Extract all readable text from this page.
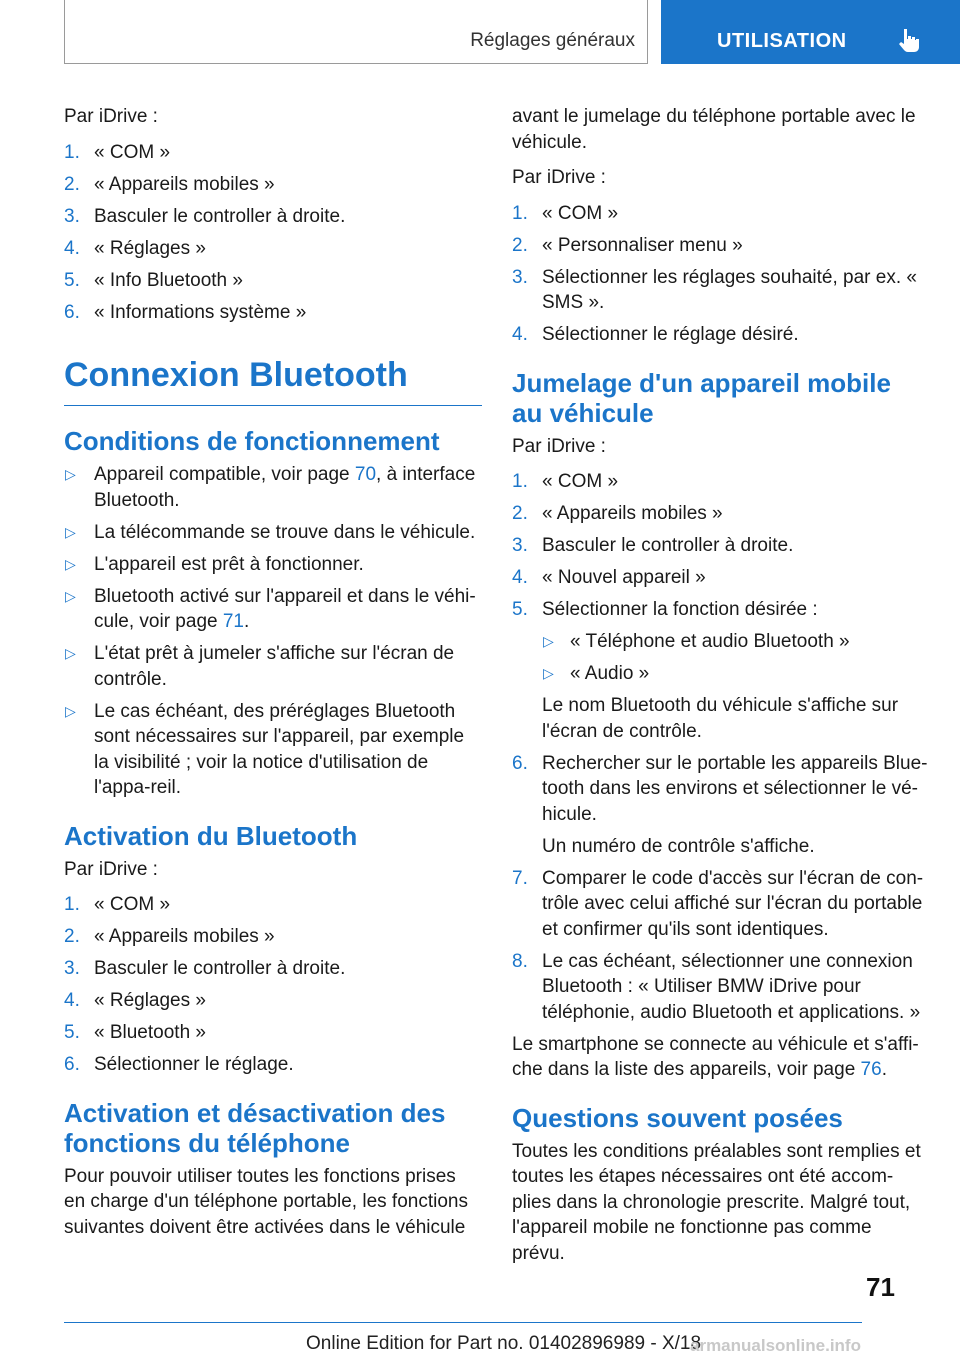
Réglages généraux	UTILISATION

Par iDrive :

1. « COM »
2. « Appareils mobiles »
3. Basculer le controller à droite.
4. « Réglages »
5. « Info Bluetooth »
6. « Informations système »
Connexion Bluetooth
Conditions de fonctionnement
▷ Appareil compatible, voir page 70, à interface Bluetooth.
▷ La télécommande se trouve dans le véhicule.
▷ L'appareil est prêt à fonctionner.
▷ Bluetooth activé sur l'appareil et dans le véhi-cule, voir page 71.
▷ L'état prêt à jumeler s'affiche sur l'écran de contrôle.
▷ Le cas échéant, des préréglages Bluetooth sont nécessaires sur l'appareil, par exemple la visibilité ; voir la notice d'utilisation de l'appa-reil.
Activation du Bluetooth

Par iDrive :

1. « COM »
2. « Appareils mobiles »
3. Basculer le controller à droite.
4. « Réglages »
5. « Bluetooth »
6. Sélectionner le réglage.
Activation et désactivation des fonctions du téléphone

Pour pouvoir utiliser toutes les fonctions prises en charge d'un téléphone portable, les fonctions suivantes doivent être activées dans le véhicule

avant le jumelage du téléphone portable avec le véhicule.

Par iDrive :

1. « COM »
2. « Personnaliser menu »
3. Sélectionner les réglages souhaité, par ex. « SMS ».
4. Sélectionner le réglage désiré.
Jumelage d'un appareil mobile au véhicule

Par iDrive :

1. « COM »
2. « Appareils mobiles »
3. Basculer le controller à droite.
4. « Nouvel appareil »
5. Sélectionner la fonction désirée :
▷ « Téléphone et audio Bluetooth »
▷ « Audio »

Le nom Bluetooth du véhicule s'affiche sur l'écran de contrôle.

6. Rechercher sur le portable les appareils Blue-tooth dans les environs et sélectionner le vé-hicule.

Un numéro de contrôle s'affiche.

7. Comparer le code d'accès sur l'écran de con-trôle avec celui affiché sur l'écran du portable et confirmer qu'ils sont identiques.
8. Le cas échéant, sélectionner une connexion Bluetooth : « Utiliser BMW iDrive pour téléphonie, audio Bluetooth et applications. »

Le smartphone se connecte au véhicule et s'affi-che dans la liste des appareils, voir page 76.

Questions souvent posées

Toutes les conditions préalables sont remplies et toutes les étapes nécessaires ont été accom-plies dans la chronologie prescrite. Malgré tout, l'appareil mobile ne fonctionne pas comme prévu.

71
Online Edition for Part no. 01402896989 - X/18
armanualsonline.info
